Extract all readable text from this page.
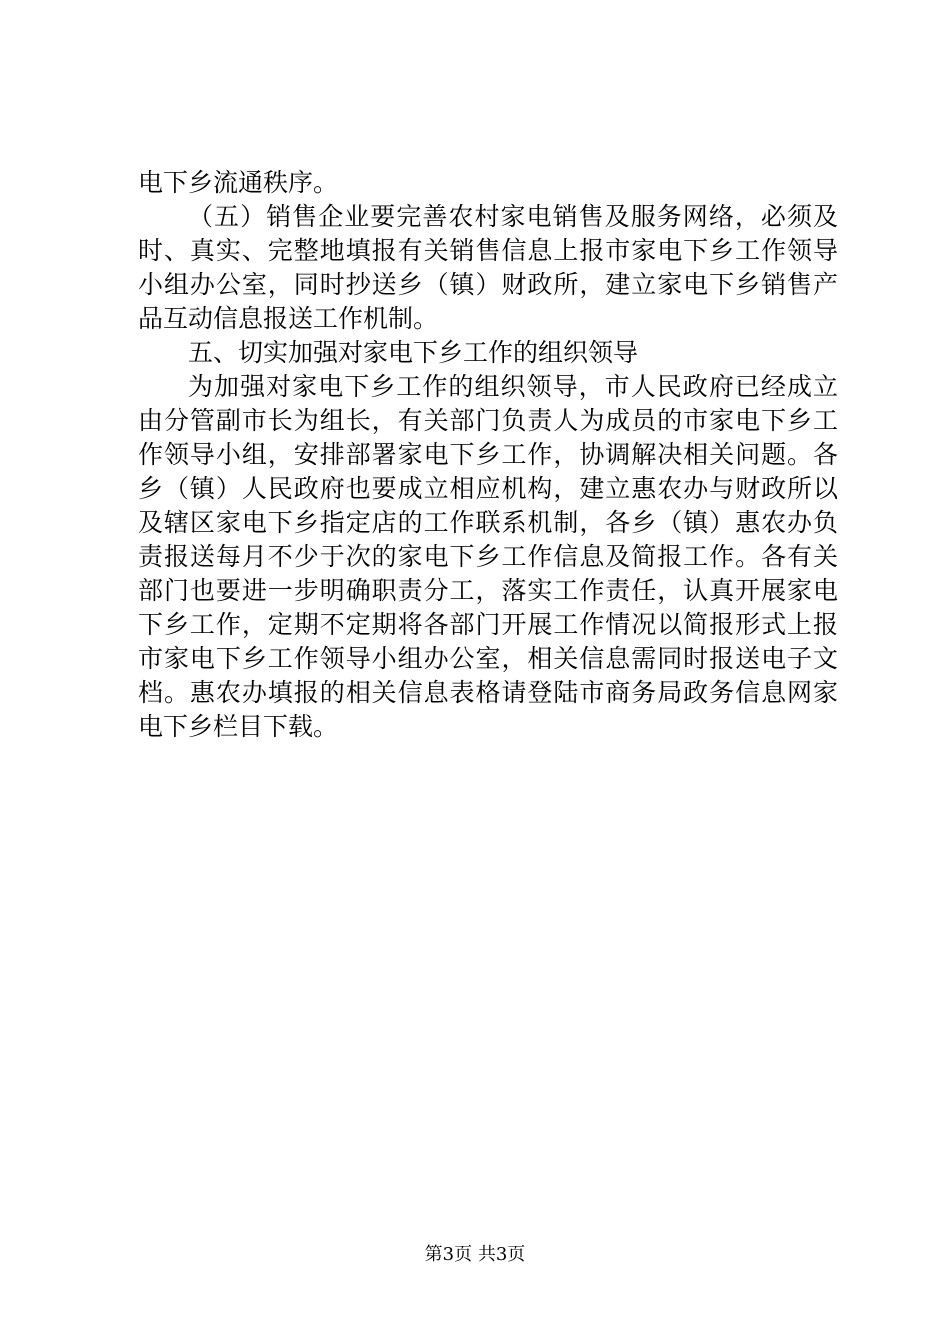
电下乡流通秩序。
（五）销售企业要完善农村家电销售及服务网络，必须及
时、真实、完整地填报有关销售信息上报市家电下乡工作领导
小组办公室，同时抄送乡（镇）财政所，建立家电下乡销售产
品互动信息报送工作机制。
五、切实加强对家电下乡工作的组织领导
为加强对家电下乡工作的组织领导，市人民政府已经成立
由分管副市长为组长，有关部门负责人为成员的市家电下乡工
作领导小组，安排部署家电下乡工作，协调解决相关问题。各
乡（镇）人民政府也要成立相应机构，建立惠农办与财政所以
及辖区家电下乡指定店的工作联系机制，各乡（镇）惠农办负
责报送每月不少于次的家电下乡工作信息及简报工作。各有关
部门也要进一步明确职责分工，落实工作责任，认真开展家电
下乡工作，定期不定期将各部门开展工作情况以简报形式上报
市家电下乡工作领导小组办公室，相关信息需同时报送电子文
档。惠农办填报的相关信息表格请登陆市商务局政务信息网家
电下乡栏目下载。
第3页 共3页
